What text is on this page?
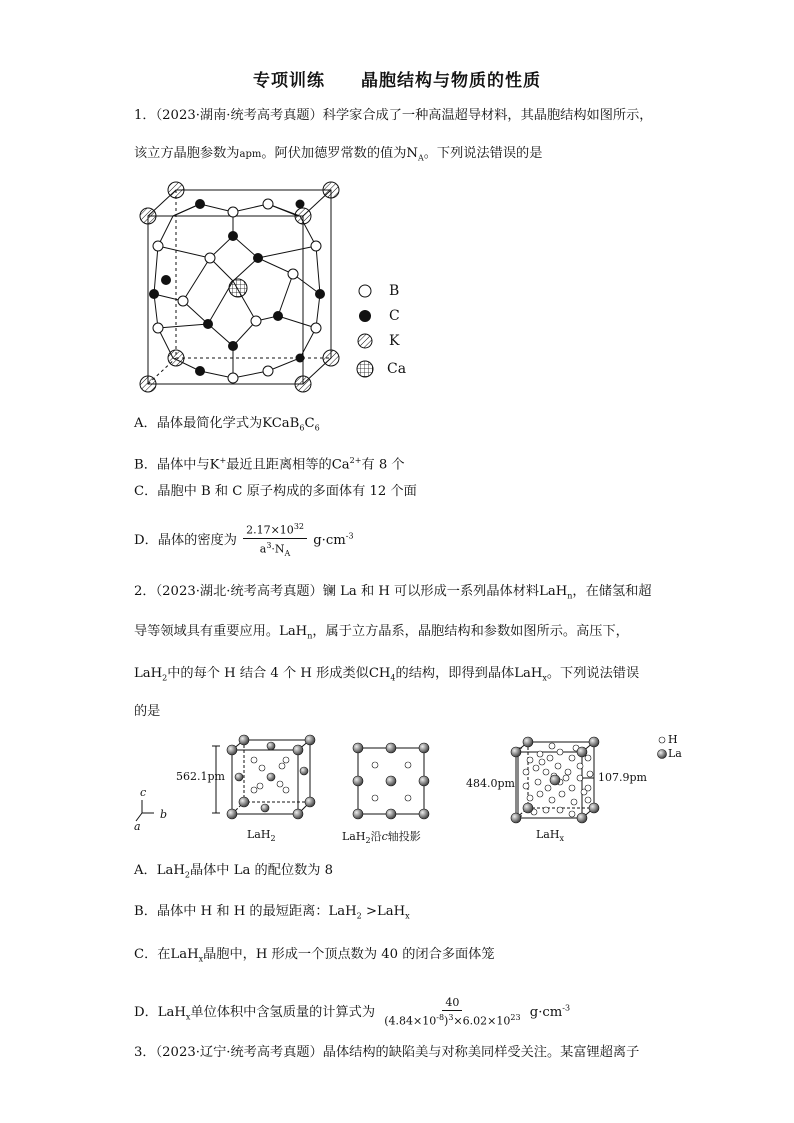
专项训练 晶胞结构与物质的性质
1．（2023·湖南·统考高考真题）科学家合成了一种高温超导材料，其晶胞结构如图所示，
该立方晶胞参数为apm。阿伏加德罗常数的值为$N_A$。下列说法错误的是
B
C
K
Ca
A．晶体最简化学式为$KCaB_6C_6$
B．晶体中与K+最近且距离相等的$Ca^{2+}$有 8 个
C．晶胞中 B 和 C 原子构成的多面体有 12 个面
D．晶体的密度为 $\frac{2.17\times 10^{32}}{a^3\cdot N_A} g\cdot cm^{-3}$
2．（2023·湖北·统考高考真题）镧 La 和 H 可以形成一系列晶体材料LaH$_n$，在储氢和超
导等领域具有重要应用。LaH$_n$，属于立方晶系，晶胞结构和参数如图所示。高压下，
LaH$_2$中的每个 H 结合 4 个 H 形成类似$CH_4$的结构，即得到晶体LaH$_x$。下列说法错误
的是
562.1pm
484.0pm	107.9pm
LaH$_2$	LaH$_2$沿c轴投影	LaH$_x$
c
a
b
H
La
A．LaH$_2$晶体中 La 的配位数为 8
B．晶体中 H 和 H 的最短距离：LaH$_2$ >LaH$_x$
C．在LaH$_x$晶胞中，H 形成一个顶点数为 40 的闭合多面体笼
D．LaH$_x$单位体积中含氢质量的计算式为 $\frac{40}{(4.84\times 10^{-8})^3\times 6.02\times 10^{23}} g\cdot cm^{-3}$
3．（2023·辽宁·统考高考真题）晶体结构的缺陷美与对称美同样受关注。某富锂超离子
